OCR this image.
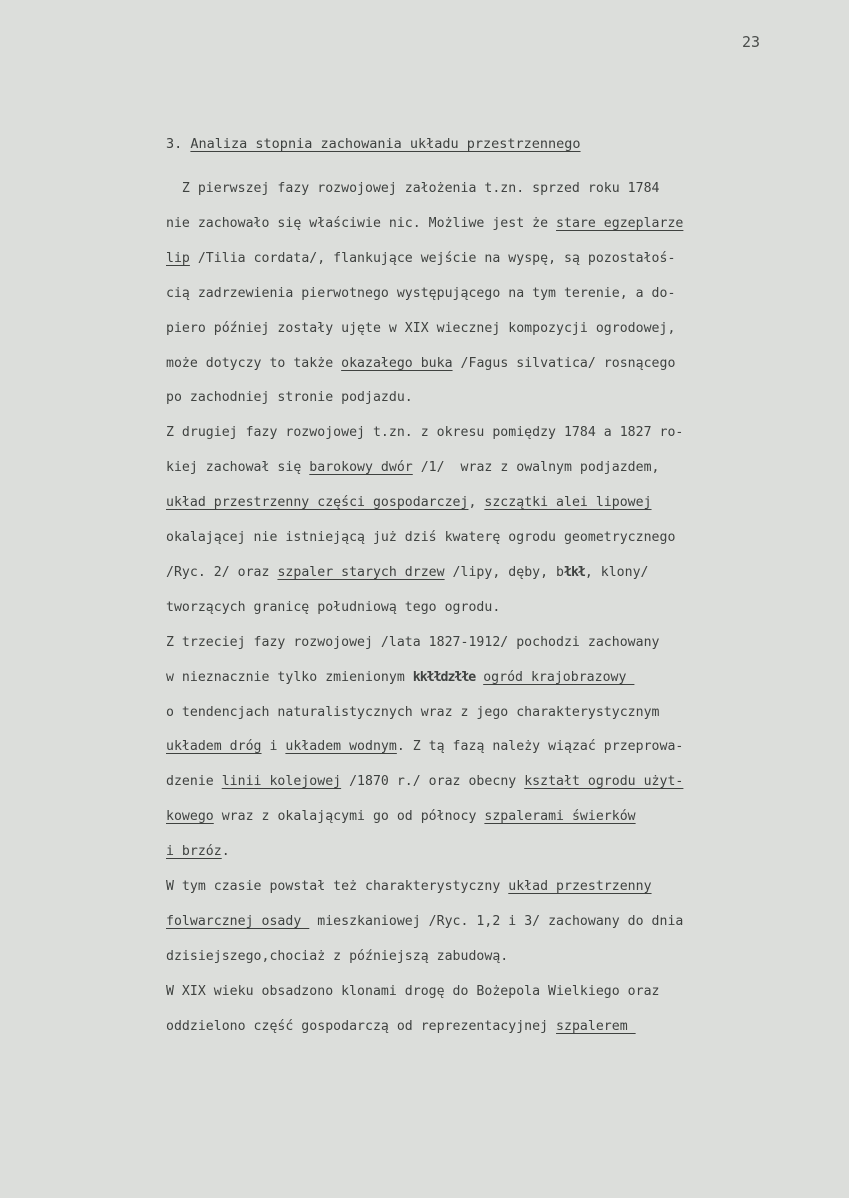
23
3. Analiza stopnia zachowania układu przestrzennego
Z pierwszej fazy rozwojowej założenia t.zn. sprzed roku 1784
nie zachowało się właściwie nic. Możliwe jest że stare egzeplarze
lip /Tilia cordata/, flankujące wejście na wyspę, są pozostałoś-
cią zadrzewienia pierwotnego występującego na tym terenie, a do-
piero później zostały ujęte w XIX wiecznej kompozycji ogrodowej,
może dotyczy to także okazałego buka /Fagus silvatica/ rosnącego
po zachodniej stronie podjazdu.
Z drugiej fazy rozwojowej t.zn. z okresu pomiędzy 1784 a 1827 ro-
kiej zachował się barokowy dwór /1/  wraz z owalnym podjazdem,
układ przestrzenny części gospodarczej, szczątki alei lipowej
okalającej nie istniejącą już dziś kwaterę ogrodu geometrycznego
/Ryc. 2/ oraz szpaler starych drzew /lipy, dęby, błkł, klony/
tworzących granicę południową tego ogrodu.
Z trzeciej fazy rozwojowej /lata 1827-1912/ pochodzi zachowany
w nieznacznie tylko zmienionym kkłłdzłłe ogród krajobrazowy
o tendencjach naturalistycznych wraz z jego charakterystycznym
układem dróg i układem wodnym. Z tą fazą należy wiązać przeprowa-
dzenie linii kolejowej /1870 r./ oraz obecny kształt ogrodu użyt-
kowego wraz z okalającymi go od północy szpalerami świerków
i brzóz.
W tym czasie powstał też charakterystyczny układ przestrzenny
folwarcznej osady  mieszkaniowej /Ryc. 1,2 i 3/ zachowany do dnia
dzisiejszego,chociaż z późniejszą zabudową.
W XIX wieku obsadzono klonami drogę do Bożepola Wielkiego oraz
oddzielono część gospodarczą od reprezentacyjnej szpalerem
